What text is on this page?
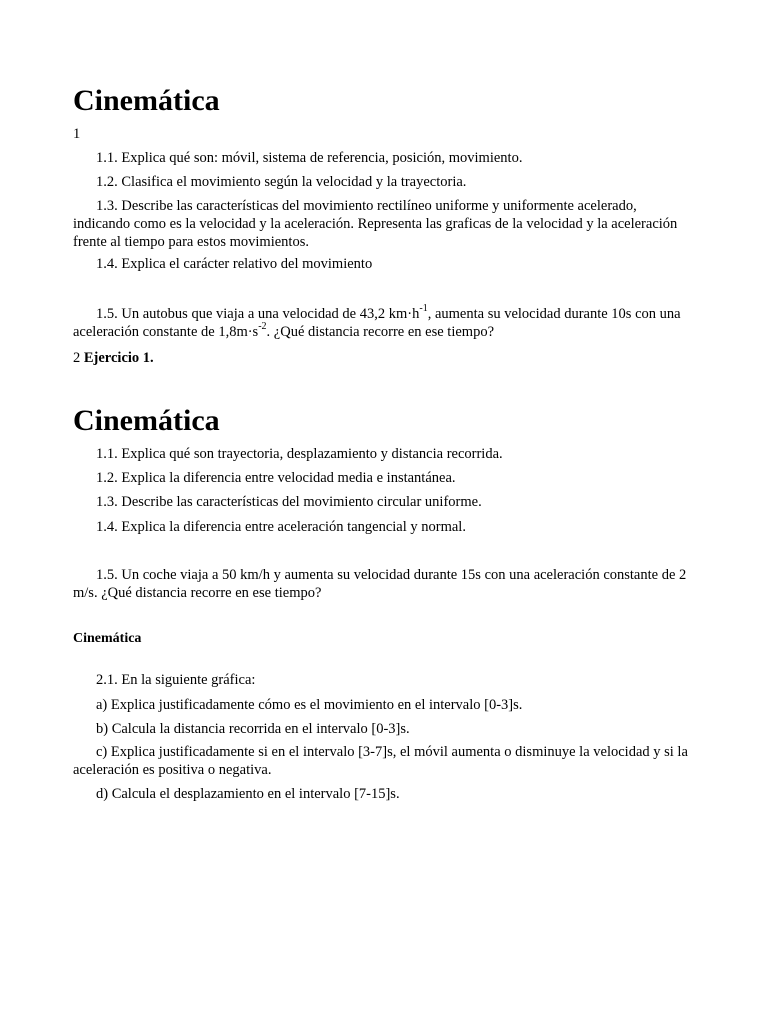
Cinemática
1
1.1. Explica qué son: móvil, sistema de referencia, posición, movimiento.
1.2. Clasifica el movimiento según la velocidad y la trayectoria.
1.3. Describe las características del movimiento rectilíneo uniforme y uniformente acelerado, indicando como es la velocidad y la aceleración. Representa las graficas de la velocidad y la aceleración frente al tiempo para estos movimientos.
1.4. Explica el carácter relativo del movimiento
1.5. Un autobus que viaja a una velocidad de 43,2 $km\cdot h^{-1}$, aumenta su velocidad durante 10s con una aceleración constante de $1,8m\cdot s^{-2}$. ¿Qué distancia recorre en ese tiempo?
2 Ejercicio 1.
Cinemática
1.1. Explica qué son trayectoria, desplazamiento y distancia recorrida.
1.2. Explica la diferencia entre velocidad media e instantánea.
1.3. Describe las características del movimiento circular uniforme.
1.4. Explica la diferencia entre aceleración tangencial y normal.
1.5. Un coche viaja a 50 km/h y aumenta su velocidad durante 15s con una aceleración constante de 2 m/s. ¿Qué distancia recorre en ese tiempo?
Cinemática
2.1. En la siguiente gráfica:
a) Explica justificadamente cómo es el movimiento en el intervalo [0-3]s.
b) Calcula la distancia recorrida en el intervalo [0-3]s.
c) Explica justificadamente si en el intervalo [3-7]s, el móvil aumenta o disminuye la velocidad y si la aceleración es positiva o negativa.
d) Calcula el desplazamiento en el intervalo [7-15]s.
